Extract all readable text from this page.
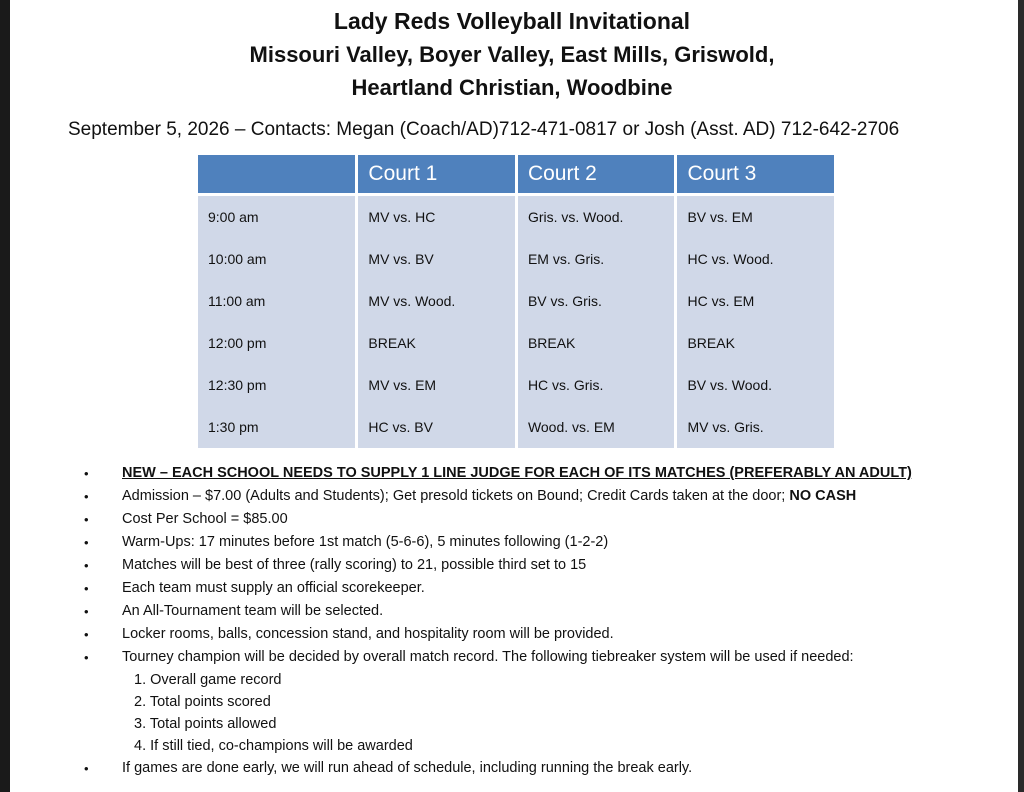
Lady Reds Volleyball Invitational

Missouri Valley, Boyer Valley, East Mills, Griswold,

Heartland Christian, Woodbine

September 5, 2026 – Contacts: Megan (Coach/AD)712-471-0817 or Josh (Asst. AD) 712-642-2706
	Court 1	Court 2	Court 3
9:00 am	MV vs. HC	Gris. vs. Wood.	BV vs. EM
10:00 am	MV vs. BV	EM vs. Gris.	HC vs. Wood.
11:00 am	MV vs. Wood.	BV vs. Gris.	HC vs. EM
12:00 pm	BREAK	BREAK	BREAK
12:30 pm	MV vs. EM	HC vs. Gris.	BV vs. Wood.
1:30 pm	HC vs. BV	Wood. vs. EM	MV vs. Gris.
• NEW – EACH SCHOOL NEEDS TO SUPPLY 1 LINE JUDGE FOR EACH OF ITS MATCHES (PREFERABLY AN ADULT)
• Admission – $7.00 (Adults and Students); Get presold tickets on Bound; Credit Cards taken at the door; NO CASH
• Cost Per School = $85.00
• Warm-Ups: 17 minutes before 1st match (5-6-6), 5 minutes following (1-2-2)
• Matches will be best of three (rally scoring) to 21, possible third set to 15
• Each team must supply an official scorekeeper.
• An All-Tournament team will be selected.
• Locker rooms, balls, concession stand, and hospitality room will be provided.
• Tourney champion will be decided by overall match record. The following tiebreaker system will be used if needed:
1. Overall game record
2. Total points scored
3. Total points allowed
4. If still tied, co-champions will be awarded
• If games are done early, we will run ahead of schedule, including running the break early.
